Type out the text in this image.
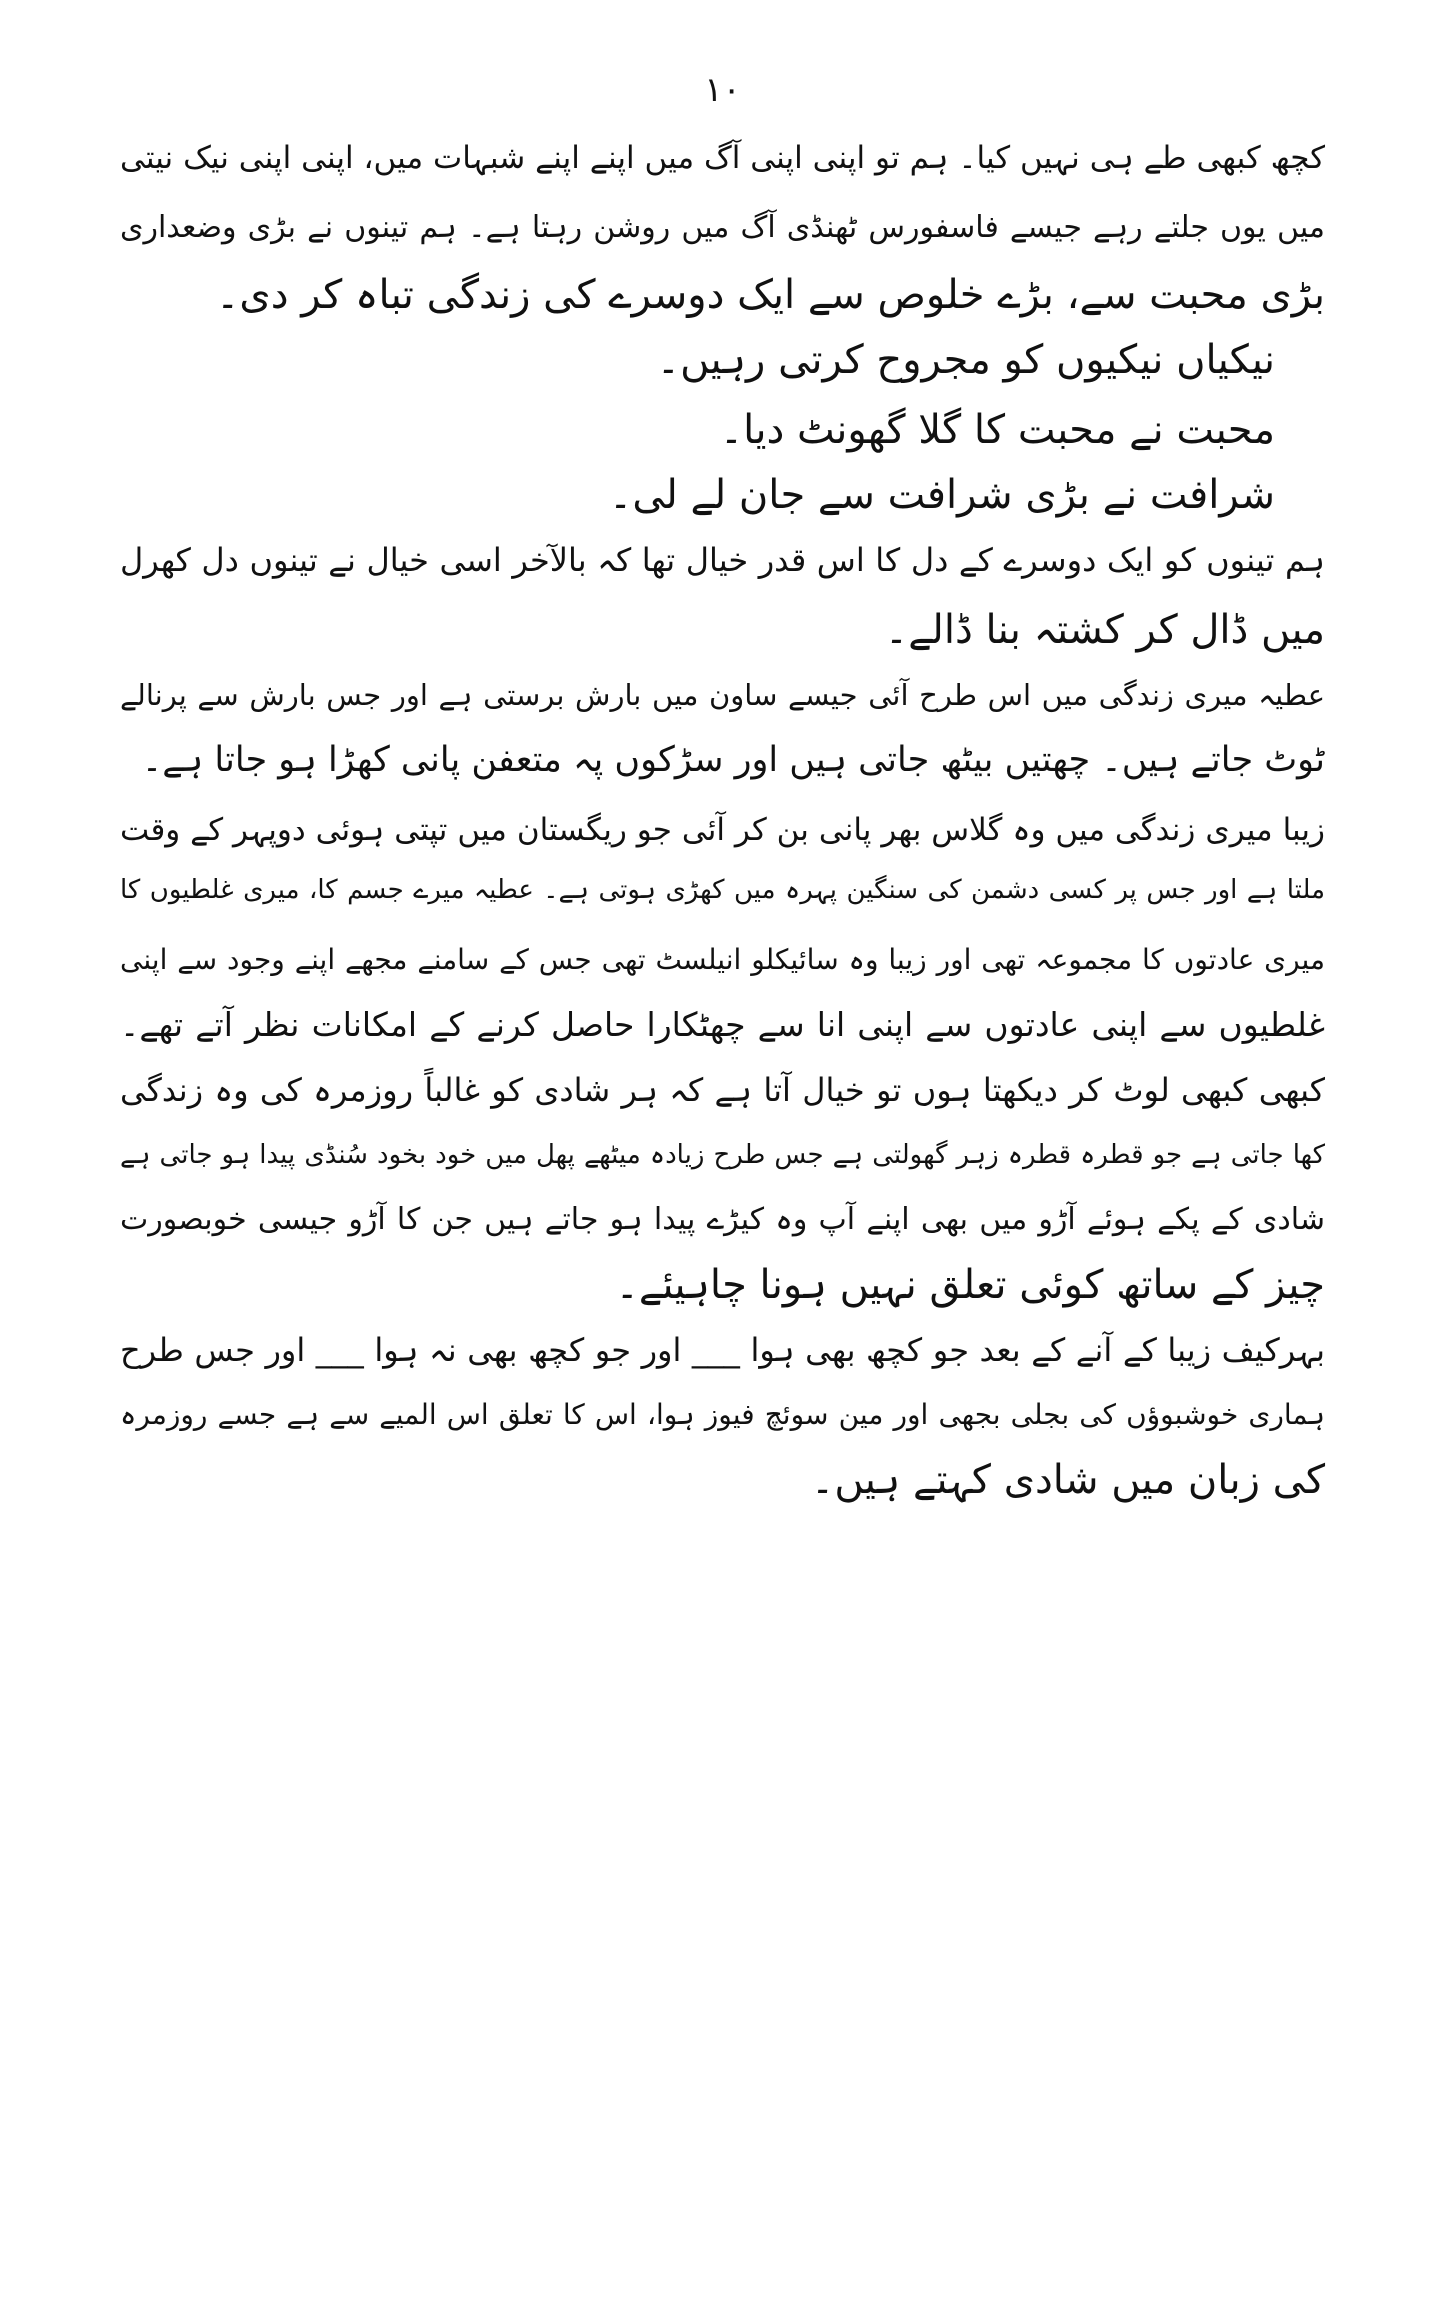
۱۰
کچھ کبھی طے ہی نہیں کیا۔ ہم تو اپنی اپنی آگ میں اپنے اپنے شبہات میں، اپنی اپنی نیک نیتی
میں یوں جلتے رہے جیسے فاسفورس ٹھنڈی آگ میں روشن رہتا ہے۔ ہم تینوں نے بڑی وضعداری
بڑی محبت سے، بڑے خلوص سے ایک دوسرے کی زندگی تباہ کر دی۔
نیکیاں نیکیوں کو مجروح کرتی رہیں۔
محبت نے محبت کا گلا گھونٹ دیا۔
شرافت نے بڑی شرافت سے جان لے لی۔
ہم تینوں کو ایک دوسرے کے دل کا اس قدر خیال تھا کہ بالآخر اسی خیال نے تینوں دل کھرل
میں ڈال کر کشتہ بنا ڈالے۔
عطیہ میری زندگی میں اس طرح آئی جیسے ساون میں بارش برستی ہے اور جس بارش سے پرنالے
ٹوٹ جاتے ہیں۔ چھتیں بیٹھ جاتی ہیں اور سڑکوں پہ متعفن پانی کھڑا ہو جاتا ہے۔
زیبا میری زندگی میں وہ گلاس بھر پانی بن کر آئی جو ریگستان میں تپتی ہوئی دوپہر کے وقت
ملتا ہے اور جس پر کسی دشمن کی سنگین پہرہ میں کھڑی ہوتی ہے۔ عطیہ میرے جسم کا، میری غلطیوں کا
میری عادتوں کا مجموعہ تھی اور زیبا وہ سائیکلو انیلسٹ تھی جس کے سامنے مجھے اپنے وجود سے اپنی
غلطیوں سے اپنی عادتوں سے اپنی انا سے چھٹکارا حاصل کرنے کے امکانات نظر آتے تھے۔
کبھی کبھی لوٹ کر دیکھتا ہوں تو خیال آتا ہے کہ ہر شادی کو غالباً روزمرہ کی وہ زندگی
کھا جاتی ہے جو قطرہ قطرہ زہر گھولتی ہے جس طرح زیادہ میٹھے پھل میں خود بخود سُنڈی پیدا ہو جاتی ہے
شادی کے پکے ہوئے آڑو میں بھی اپنے آپ وہ کیڑے پیدا ہو جاتے ہیں جن کا آڑو جیسی خوبصورت
چیز کے ساتھ کوئی تعلق نہیں ہونا چاہیئے۔
بہرکیف زیبا کے آنے کے بعد جو کچھ بھی ہوا ___ اور جو کچھ بھی نہ ہوا ___ اور جس طرح
ہماری خوشبوؤں کی بجلی بجھی اور مین سوئچ فیوز ہوا، اس کا تعلق اس المیے سے ہے جسے روزمرہ
کی زبان میں شادی کہتے ہیں۔
